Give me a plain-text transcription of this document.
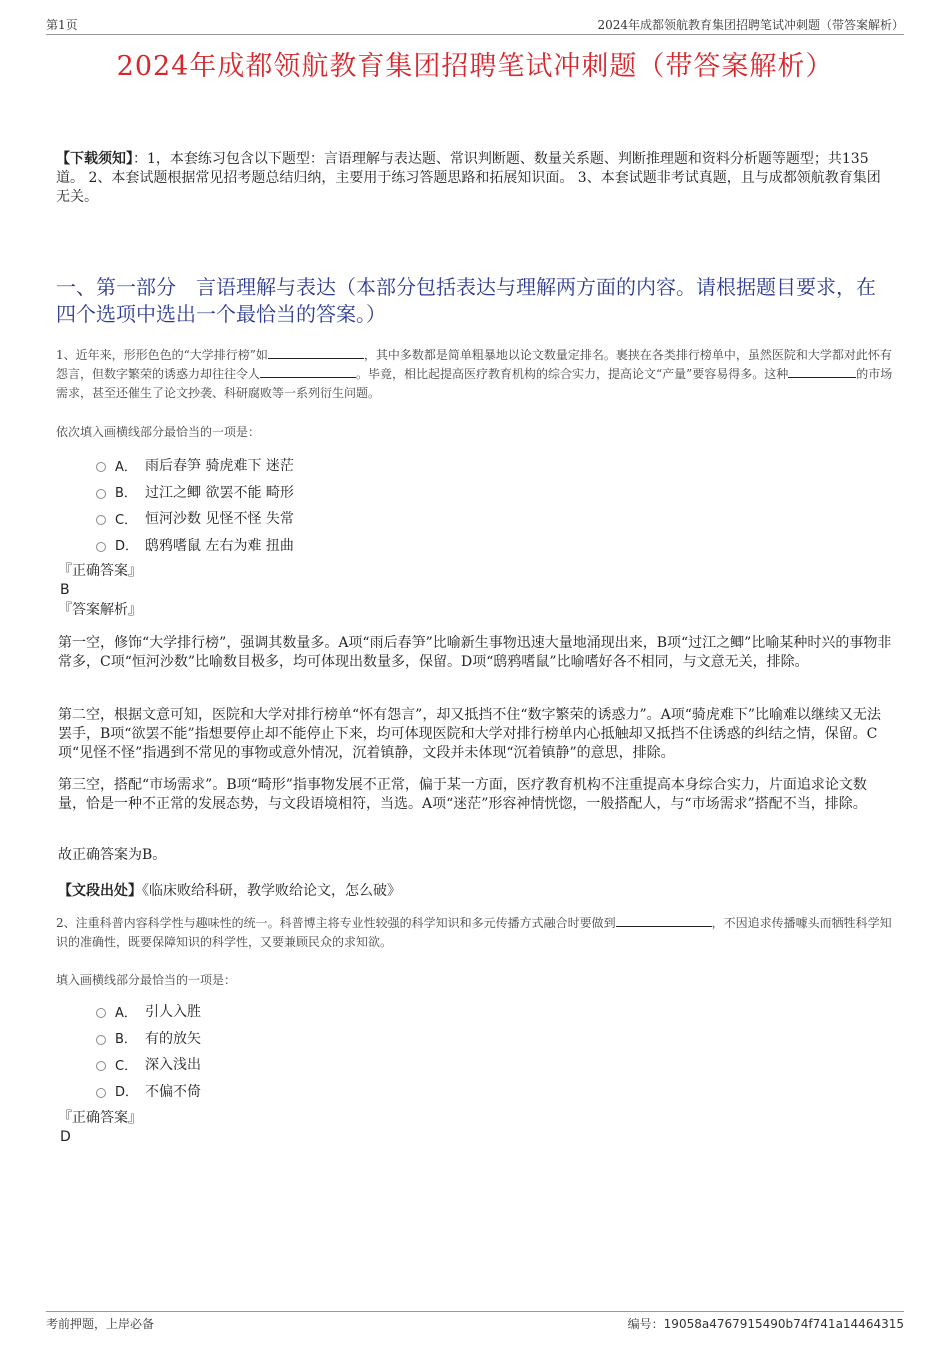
第1页	2024年成都领航教育集团招聘笔试冲刺题（带答案解析）
2024年成都领航教育集团招聘笔试冲刺题（带答案解析）
【下载须知】：1，本套练习包含以下题型：言语理解与表达题、常识判断题、数量关系题、判断推理题和资料分析题等题型；共135道。 2、本套试题根据常见招考题总结归纳，主要用于练习答题思路和拓展知识面。 3、本套试题非考试真题，且与成都领航教育集团无关。
一、第一部分　言语理解与表达（本部分包括表达与理解两方面的内容。请根据题目要求，在四个选项中选出一个最恰当的答案。）
1、近年来，形形色色的“大学排行榜”如	，其中多数都是简单粗暴地以论文数量定排名。裹挟在各类排行榜单中，虽然医院和大学都对此怀有怨言，但数字繁荣的诱惑力却往往令人	。毕竟，相比起提高医疗教育机构的综合实力，提高论文“产量”要容易得多。这种	的市场需求，甚至还催生了论文抄袭、科研腐败等一系列衍生问题。
依次填入画横线部分最恰当的一项是：
A． 雨后春笋 骑虎难下 迷茫
B． 过江之鲫 欲罢不能 畸形
C． 恒河沙数 见怪不怪 失常
D． 鸱鸦嗜鼠 左右为难 扭曲
『正确答案』
B
『答案解析』
第一空，修饰“大学排行榜”，强调其数量多。A项“雨后春笋”比喻新生事物迅速大量地涌现出来，B项“过江之鲫”比喻某种时兴的事物非常多，C项“恒河沙数”比喻数目极多，均可体现出数量多，保留。D项“鸱鸦嗜鼠”比喻嗜好各不相同，与文意无关，排除。
第二空，根据文意可知，医院和大学对排行榜单“怀有怨言”，却又抵挡不住“数字繁荣的诱惑力”。A项“骑虎难下”比喻难以继续又无法罢手，B项“欲罢不能”指想要停止却不能停止下来，均可体现医院和大学对排行榜单内心抵触却又抵挡不住诱惑的纠结之情，保留。C项“见怪不怪”指遇到不常见的事物或意外情况，沉着镇静，文段并未体现“沉着镇静”的意思，排除。
第三空，搭配“市场需求”。B项“畸形”指事物发展不正常，偏于某一方面，医疗教育机构不注重提高本身综合实力，片面追求论文数量，恰是一种不正常的发展态势，与文段语境相符，当选。A项“迷茫”形容神情恍惚，一般搭配人，与“市场需求”搭配不当，排除。
故正确答案为B。
【文段出处】《临床败给科研，教学败给论文，怎么破》
2、注重科普内容科学性与趣味性的统一。科普博主将专业性较强的科学知识和多元传播方式融合时要做到	，不因追求传播噱头而牺牲科学知识的准确性，既要保障知识的科学性，又要兼顾民众的求知欲。
填入画横线部分最恰当的一项是：
A． 引人入胜
B． 有的放矢
C． 深入浅出
D． 不偏不倚
『正确答案』
D
考前押题，上岸必备	编号：19058a4767915490b74f741a14464315
